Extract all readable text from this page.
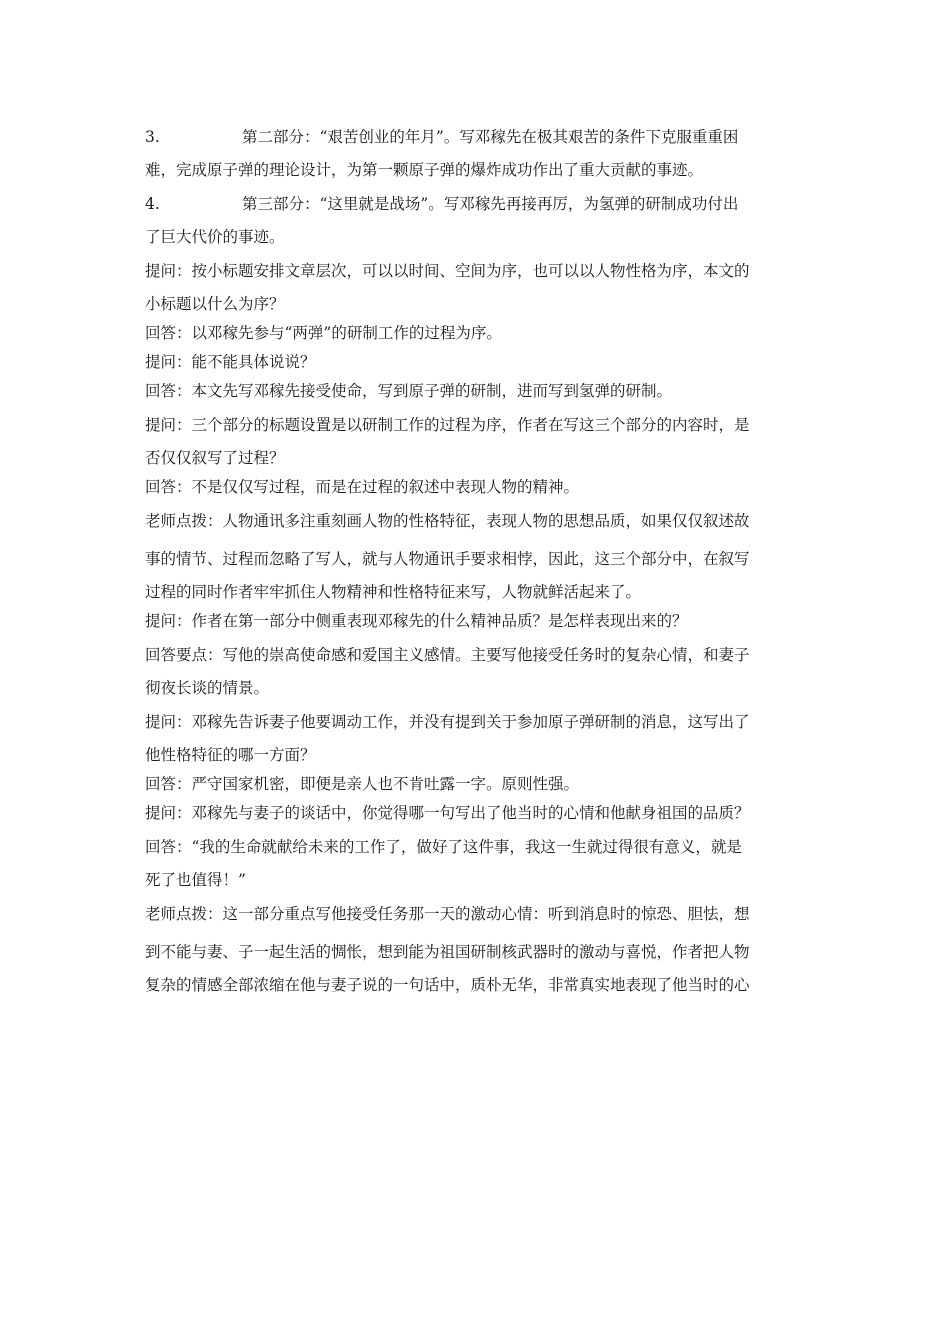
3.	第二部分：“艰苦创业的年月”。写邓稼先在极其艰苦的条件下克服重重困
难，完成原子弹的理论设计，为第一颗原子弹的爆炸成功作出了重大贡献的事迹。
4.	第三部分：“这里就是战场”。写邓稼先再接再厉，为氢弹的研制成功付出
了巨大代价的事迹。
提问：按小标题安排文章层次，可以以时间、空间为序，也可以以人物性格为序，本文的
小标题以什么为序？
回答：以邓稼先参与“两弹”的研制工作的过程为序。
提问：能不能具体说说？
回答：本文先写邓稼先接受使命，写到原子弹的研制，进而写到氢弹的研制。
提问：三个部分的标题设置是以研制工作的过程为序，作者在写这三个部分的内容时，是
否仅仅叙写了过程？
回答：不是仅仅写过程，而是在过程的叙述中表现人物的精神。
老师点拨：人物通讯多注重刻画人物的性格特征，表现人物的思想品质，如果仅仅叙述故
事的情节、过程而忽略了写人，就与人物通讯手要求相悖，因此，这三个部分中，在叙写
过程的同时作者牢牢抓住人物精神和性格特征来写，人物就鲜活起来了。
提问：作者在第一部分中侧重表现邓稼先的什么精神品质？是怎样表现出来的？
回答要点：写他的崇高使命感和爱国主义感情。主要写他接受任务时的复杂心情，和妻子
彻夜长谈的情景。
提问：邓稼先告诉妻子他要调动工作，并没有提到关于参加原子弹研制的消息，这写出了
他性格特征的哪一方面？
回答：严守国家机密，即便是亲人也不肯吐露一字。原则性强。
提问：邓稼先与妻子的谈话中，你觉得哪一句写出了他当时的心情和他献身祖国的品质？
回答：“我的生命就献给未来的工作了，做好了这件事，我这一生就过得很有意义，就是
死了也值得！”
老师点拨：这一部分重点写他接受任务那一天的激动心情：听到消息时的惊恐、胆怯，想
到不能与妻、子一起生活的惆怅，想到能为祖国研制核武器时的激动与喜悦，作者把人物
复杂的情感全部浓缩在他与妻子说的一句话中，质朴无华，非常真实地表现了他当时的心
